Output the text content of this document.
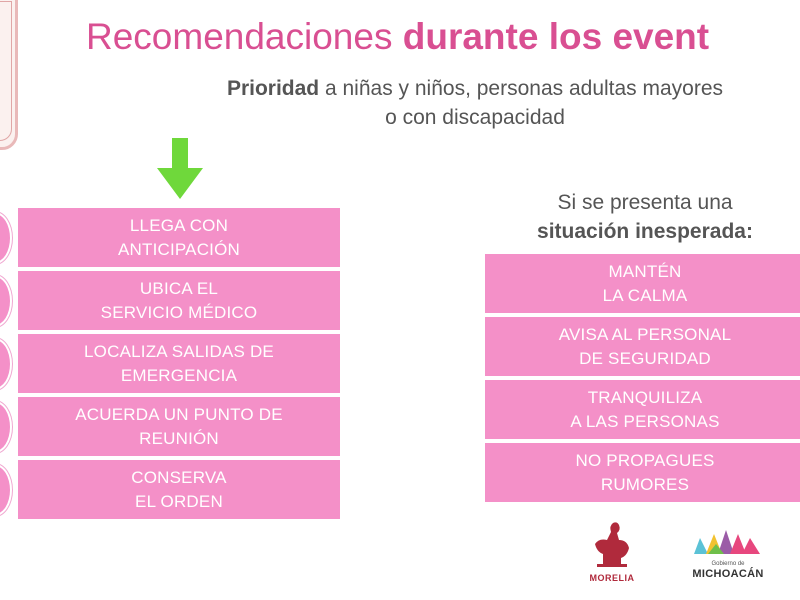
Recomendaciones durante los event
Prioridad a niñas y niños, personas adultas mayores
o con discapacidad
LLEGA CON
ANTICIPACIÓN
UBICA EL
SERVICIO MÉDICO
LOCALIZA SALIDAS DE
EMERGENCIA
ACUERDA UN PUNTO DE
REUNIÓN
CONSERVA
EL ORDEN
Si se presenta una
situación inesperada:
MANTÉN
LA CALMA
AVISA AL PERSONAL
DE SEGURIDAD
TRANQUILIZA
A LAS PERSONAS
NO PROPAGUES
RUMORES
MORELIA
Gobierno de
MICHOACÁN
